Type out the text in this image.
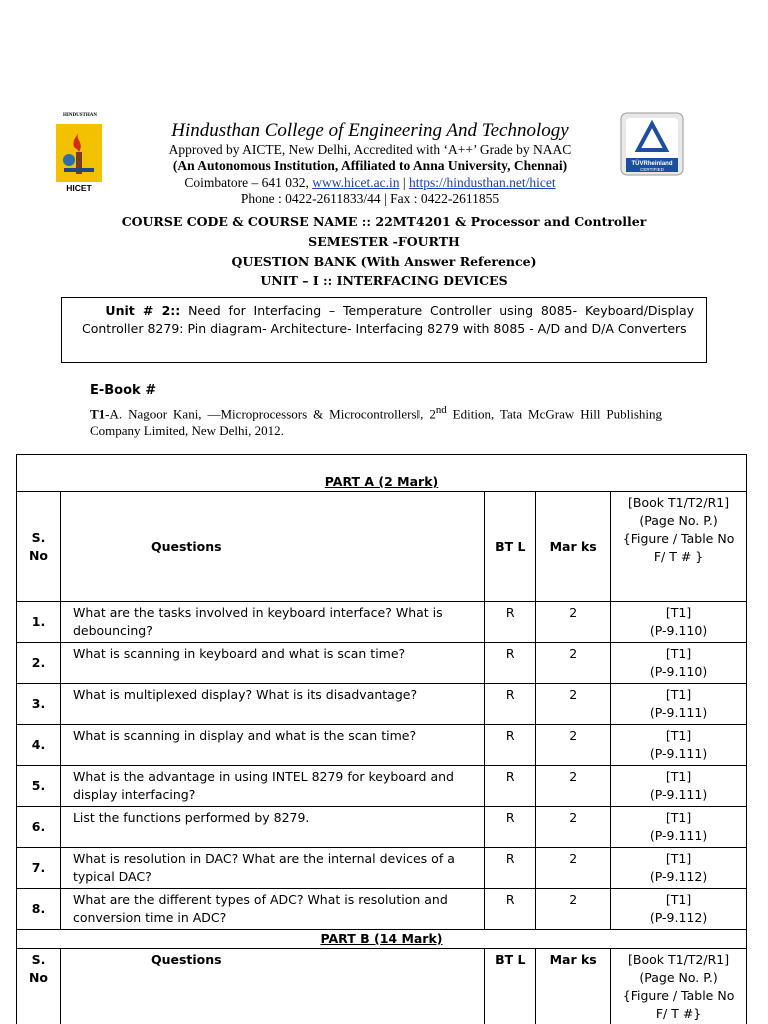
HINDUSTHAN
HICET
TÜVRheinland
CERTIFIED
Hindusthan College of Engineering And Technology
Approved by AICTE, New Delhi, Accredited with ‘A++’ Grade by NAAC
(An Autonomous Institution, Affiliated to Anna University, Chennai)
Coimbatore – 641 032, www.hicet.ac.in | https://hindusthan.net/hicet
Phone : 0422-2611833/44 | Fax : 0422-2611855
COURSE CODE & COURSE NAME :: 22MT4201 & Processor and Controller
SEMESTER -FOURTH
QUESTION BANK (With Answer Reference)
UNIT – I :: INTERFACING DEVICES
Unit # 2:: Need for Interfacing – Temperature Controller using 8085- Keyboard/Display Controller 8279: Pin diagram- Architecture- Interfacing 8279 with 8085 - A/D and D/A Converters
E-Book #
T1-A. Nagoor Kani, ―Microprocessors & Microcontrollers‖, 2nd Edition, Tata McGraw Hill Publishing Company Limited, New Delhi, 2012.
PART A (2 Mark)				
S. No	Questions	BT L	Mar ks	[Book T1/T2/R1] (Page No. P.) {Figure / Table No F/ T # }
1.	What are the tasks involved in keyboard interface? What is debouncing?	R	2	[T1]
(P-9.110)

2.	What is scanning in keyboard and what is scan time?	R	2	[T1]
(P-9.110)

3.	What is multiplexed display? What is its disadvantage?	R	2	[T1]
(P-9.111)

4.	What is scanning in display and what is the scan time?	R	2	[T1]
(P-9.111)

5.	What is the advantage in using INTEL 8279 for keyboard and display interfacing?	R	2	[T1]
(P-9.111)

6.	List the functions performed by 8279.	R	2	[T1]
(P-9.111)

7.	What is resolution in DAC? What are the internal devices of a typical DAC?	R	2	[T1]
(P-9.112)

8.	What are the different types of ADC? What is resolution and conversion time in ADC?	R	2	[T1]
(P-9.112)

PART B (14 Mark)				
S. No	Questions	BT L	Mar ks	[Book T1/T2/R1] (Page No. P.) {Figure / Table No F/ T #}
